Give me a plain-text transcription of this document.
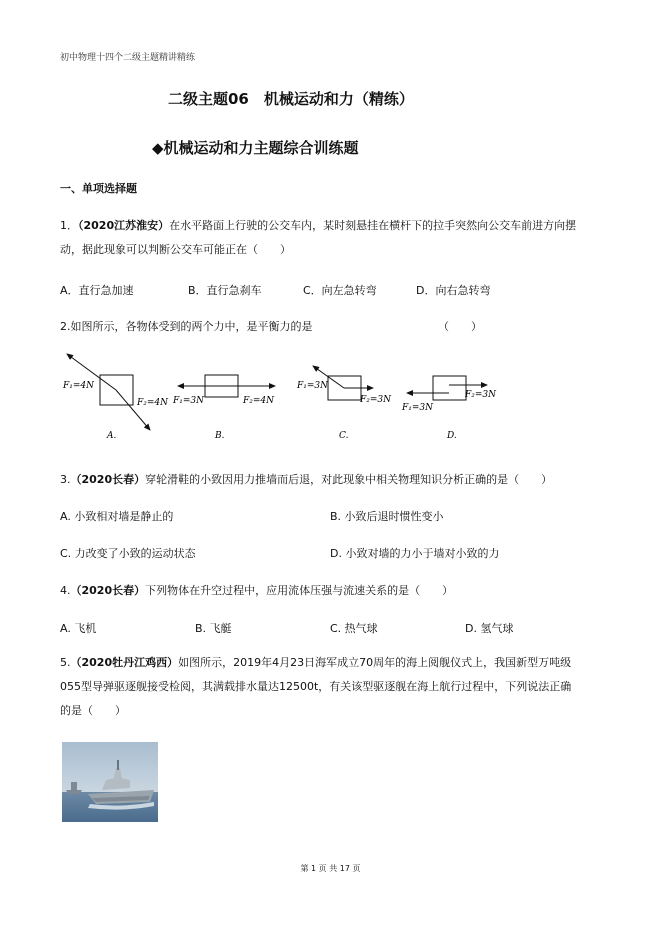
初中物理十四个二级主题精讲精练
二级主题06　机械运动和力（精练）
◆机械运动和力主题综合训练题
一、单项选择题
1．（2020江苏淮安）在水平路面上行驶的公交车内，某时刻悬挂在横杆下的拉手突然向公交车前进方向摆
动，据此现象可以判断公交车可能正在（　　）
A．直行急加速	B．直行急刹车	C．向左急转弯	D．向右急转弯
2.如图所示，各物体受到的两个力中，是平衡力的是	（　　）
F₁=4N
F₂=4N
A.
F₁=3N	F₂=4N
B.
F₁=3N
F₂=3N
C.
F₁=3N
F₂=3N
D.
3.（2020长春）穿轮滑鞋的小致因用力推墙而后退，对此现象中相关物理知识分析正确的是（　　）
A. 小致相对墙是静止的	B. 小致后退时惯性变小
C. 力改变了小致的运动状态	D. 小致对墙的力小于墙对小致的力
4.（2020长春）下列物体在升空过程中，应用流体压强与流速关系的是（　　）
A. 飞机	B. 飞艇	C. 热气球	D. 氢气球
5.（2020牡丹江鸡西）如图所示，2019年4月23日海军成立70周年的海上阅舰仪式上，我国新型万吨级
055型导弹驱逐舰接受检阅，其满载排水量达12500t，有关该型驱逐舰在海上航行过程中，下列说法正确
的是（　　）
第 1 页 共 17 页
